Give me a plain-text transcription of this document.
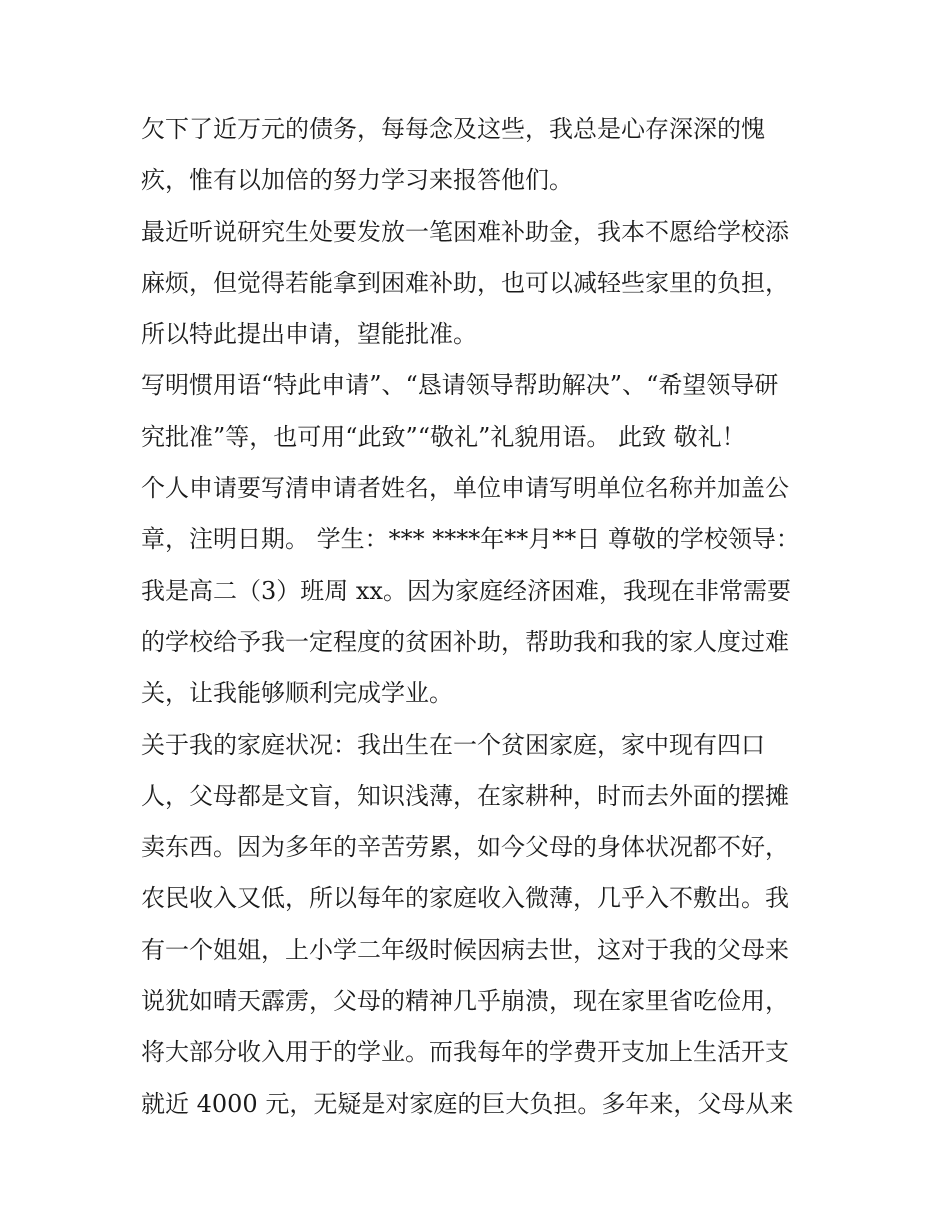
欠下了近万元的债务，每每念及这些，我总是心存深深的愧
疚，惟有以加倍的努力学习来报答他们。
最近听说研究生处要发放一笔困难补助金，我本不愿给学校添
麻烦，但觉得若能拿到困难补助，也可以减轻些家里的负担，
所以特此提出申请，望能批准。
写明惯用语“特此申请”、“恳请领导帮助解决”、“希望领导研
究批准”等，也可用“此致”“敬礼”礼貌用语。 此致 敬礼！
个人申请要写清申请者姓名，单位申请写明单位名称并加盖公
章，注明日期。 学生：*** ****年**月**日 尊敬的学校领导：
我是高二（3）班周 xx。因为家庭经济困难，我现在非常需要
的学校给予我一定程度的贫困补助，帮助我和我的家人度过难
关，让我能够顺利完成学业。
关于我的家庭状况：我出生在一个贫困家庭，家中现有四口
人，父母都是文盲，知识浅薄，在家耕种，时而去外面的摆摊
卖东西。因为多年的辛苦劳累，如今父母的身体状况都不好，
农民收入又低，所以每年的家庭收入微薄，几乎入不敷出。我
有一个姐姐，上小学二年级时候因病去世，这对于我的父母来
说犹如晴天霹雳，父母的精神几乎崩溃，现在家里省吃俭用，
将大部分收入用于的学业。而我每年的学费开支加上生活开支
就近 4000 元，无疑是对家庭的巨大负担。多年来，父母从来
